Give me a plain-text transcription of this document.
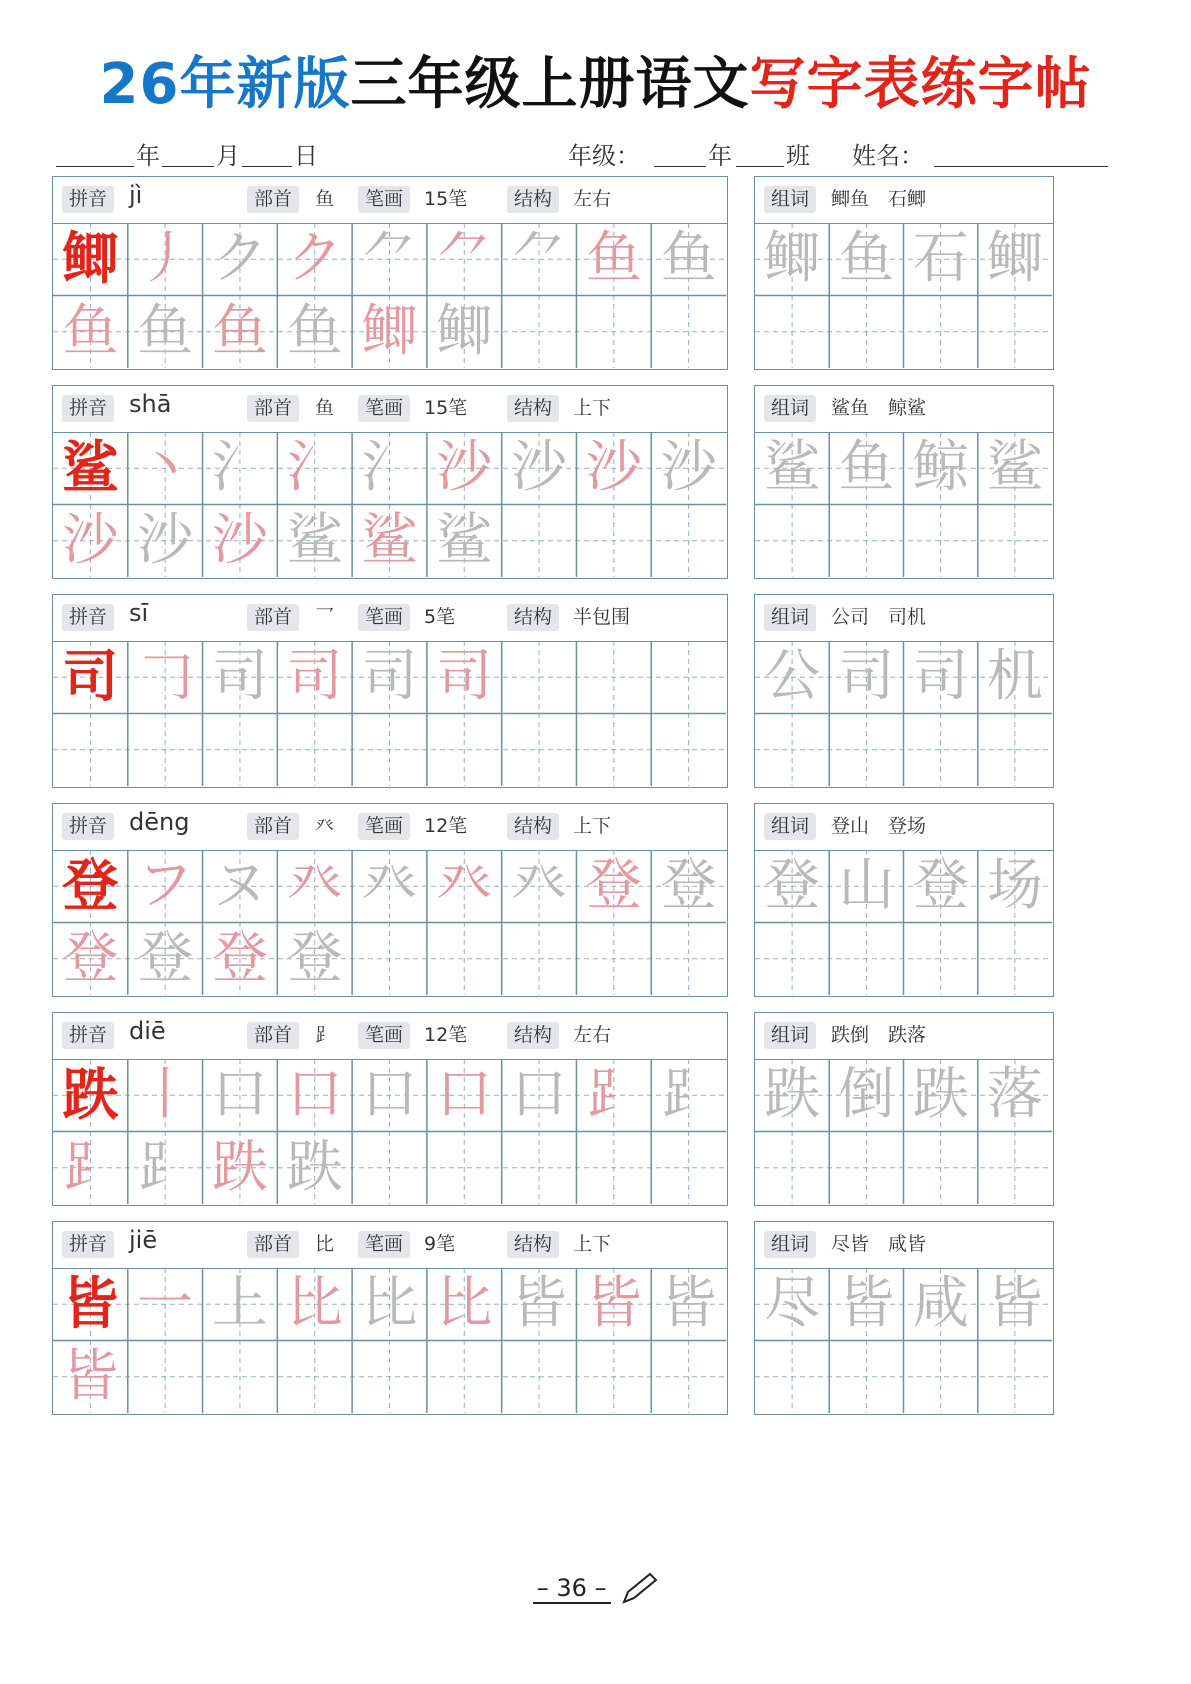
26年新版三年级上册语文写字表练字帖
年 月 日	年级：	年 班 姓名：
拼音 jì	部首	鱼	笔画	15笔	结构	左右
鲫 丿 ク ク ⺈ ⺈ ⺈ 鱼 鱼
鱼 鱼 鱼 鱼 鲫 鲫
组词	鲫鱼　石鲫
鲫 鱼 石 鲫
拼音 shā	部首	鱼	笔画	15笔	结构	上下
鲨 丶 氵 氵 氵 沙 沙 沙 沙
沙 沙 沙 鲨 鲨 鲨
组词	鲨鱼　鲸鲨
鲨 鱼 鲸 鲨
拼音 sī	部首	乛	笔画	5笔	结构	半包围
司 𠃌 司 司 司 司
组词	公司　司机
公 司 司 机
拼音 dēng	部首	癶	笔画	12笔	结构	上下
登 フ ヌ 癶 癶 癶 癶 登 登
登 登 登 登
组词	登山　登场
登 山 登 场
拼音 diē	部首	⻊	笔画	12笔	结构	左右
跌 丨 口 口 口 口 口 ⻊ ⻊
⻊ ⻊ 跌 跌
组词	跌倒　跌落
跌 倒 跌 落
拼音 jiē	部首	比	笔画	9笔	结构	上下
皆 一 上 比 比 比 皆 皆 皆
皆
组词	尽皆　咸皆
尽 皆 咸 皆
– 36 –
